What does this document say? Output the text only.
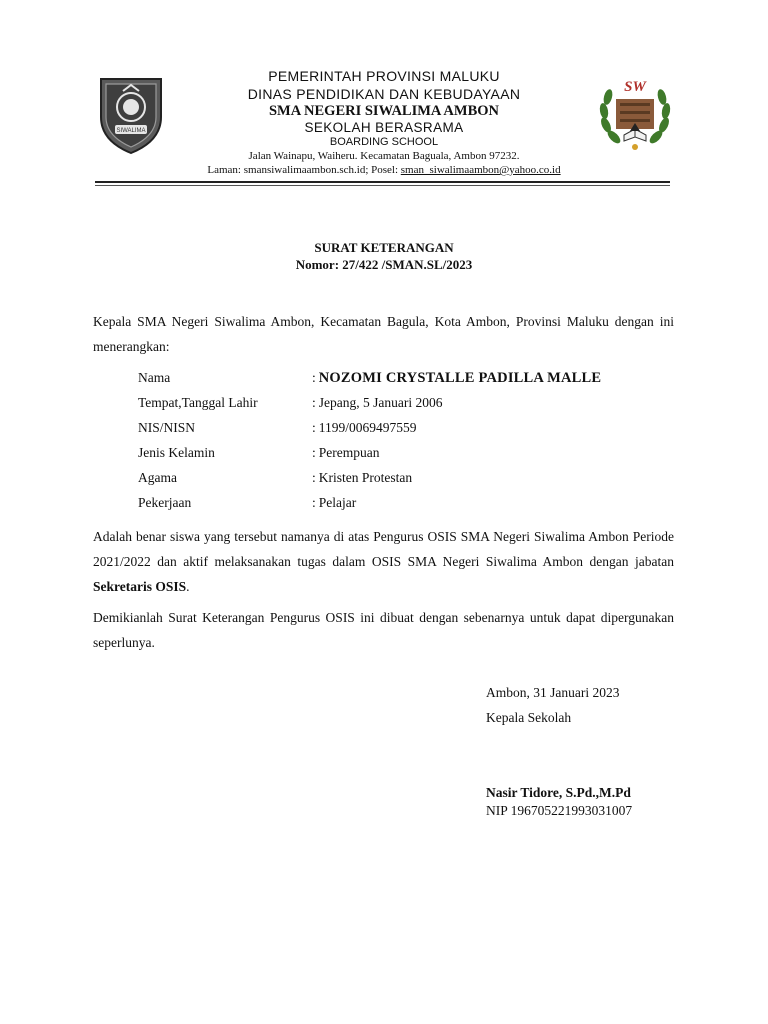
SIWALIMA
SW
PEMERINTAH PROVINSI MALUKU
DINAS PENDIDIKAN DAN KEBUDAYAAN
SMA NEGERI SIWALIMA AMBON
SEKOLAH BERASRAMA
BOARDING SCHOOL
Jalan Wainapu, Waiheru. Kecamatan Baguala, Ambon 97232.
Laman: smansiwalimaambon.sch.id; Posel: sman_siwalimaambon@yahoo.co.id
SURAT KETERANGAN
Nomor: 27/422 /SMAN.SL/2023
Kepala SMA Negeri Siwalima Ambon, Kecamatan Bagula, Kota Ambon, Provinsi Maluku dengan ini menerangkan:
Nama	: NOZOMI CRYSTALLE PADILLA MALLE
Tempat,Tanggal Lahir	: Jepang, 5 Januari 2006
NIS/NISN	: 1199/0069497559
Jenis Kelamin	: Perempuan
Agama	: Kristen Protestan
Pekerjaan	: Pelajar
Adalah benar siswa yang tersebut namanya di atas Pengurus OSIS SMA Negeri Siwalima Ambon Periode 2021/2022 dan aktif melaksanakan tugas dalam OSIS SMA Negeri Siwalima Ambon dengan jabatan Sekretaris OSIS.
Demikianlah Surat Keterangan Pengurus OSIS ini dibuat dengan sebenarnya untuk dapat dipergunakan seperlunya.
Ambon, 31 Januari 2023
Kepala Sekolah
Nasir Tidore, S.Pd.,M.Pd
NIP 196705221993031007
